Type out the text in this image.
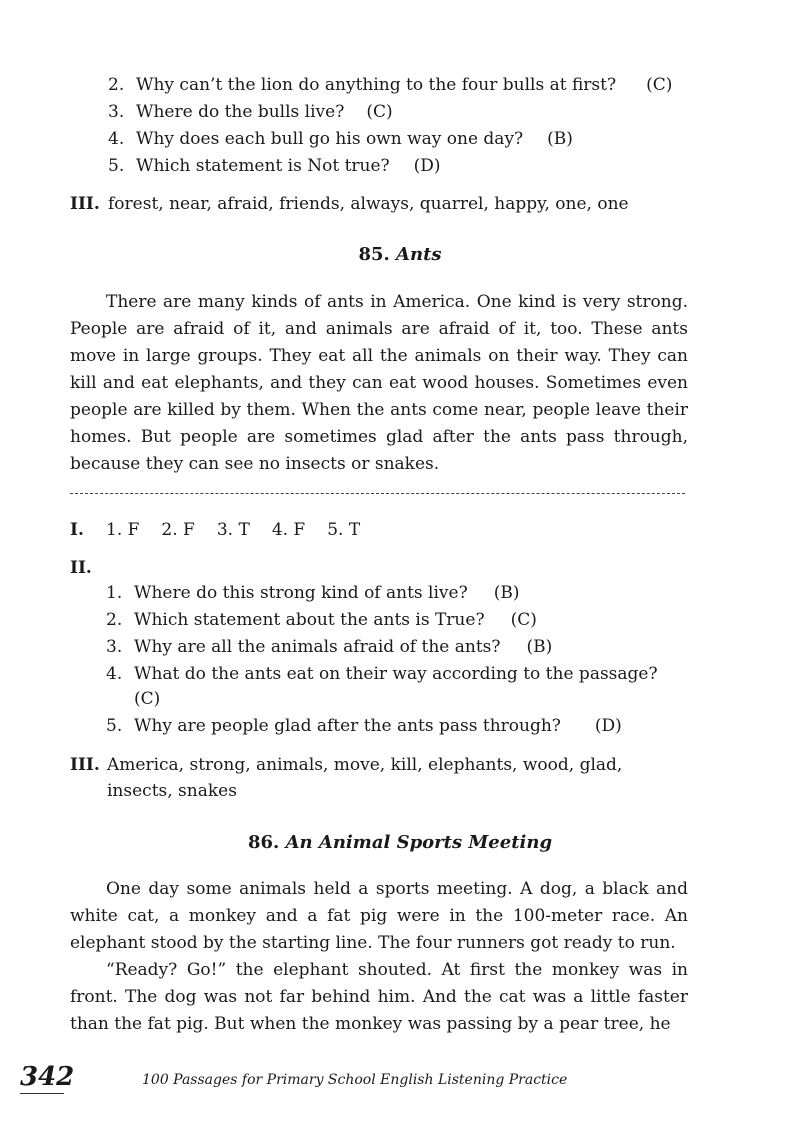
2. Why can’t the lion do anything to the four bulls at first? (C)
3. Where do the bulls live? (C)
4. Why does each bull go his own way one day? (B)
5. Which statement is Not true? (D)
III. forest, near, afraid, friends, always, quarrel, happy, one, one
85. Ants

There are many kinds of ants in America. One kind is very strong. People are afraid of it, and animals are afraid of it, too. These ants move in large groups. They eat all the animals on their way. They can kill and eat elephants, and they can eat wood houses. Sometimes even people are killed by them. When the ants come near, people leave their homes. But people are sometimes glad after the ants pass through, because they can see no insects or snakes.

I. 1. F 2. F 3. T 4. F 5. T
II.
1. Where do this strong kind of ants live? (B)
2. Which statement about the ants is True? (C)
3. Why are all the animals afraid of the ants? (B)
4. What do the ants eat on their way according to the passage?
(C)
5. Why are people glad after the ants pass through? (D)
III. America, strong, animals, move, kill, elephants, wood, glad,
insects, snakes
86. An Animal Sports Meeting

One day some animals held a sports meeting. A dog, a black and white cat, a monkey and a fat pig were in the 100-meter race. An elephant stood by the starting line. The four runners got ready to run.

“Ready? Go!” the elephant shouted. At first the monkey was in front. The dog was not far behind him. And the cat was a little faster than the fat pig. But when the monkey was passing by a pear tree, he

342	100 Passages for Primary School English Listening Practice
